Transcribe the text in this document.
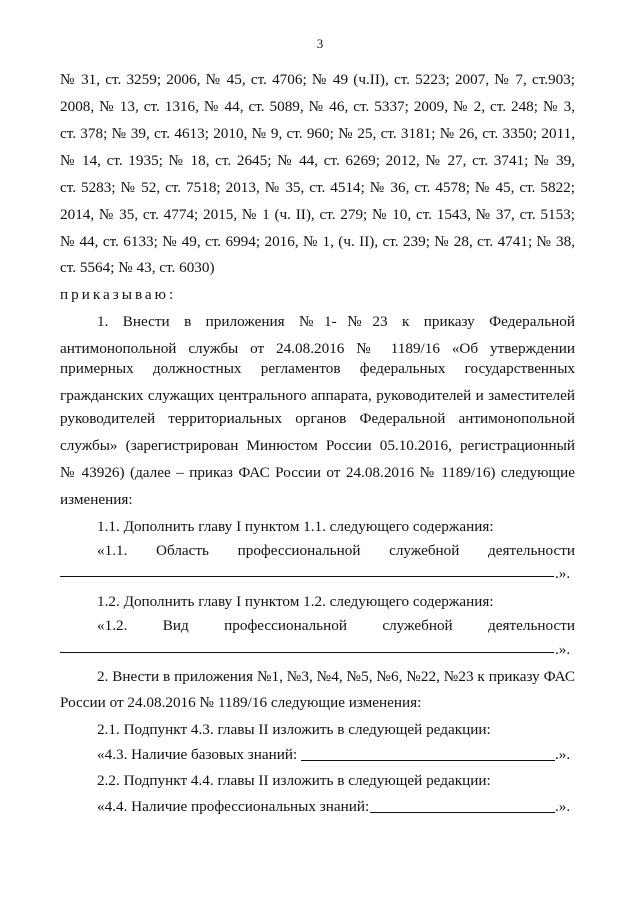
3
№ 31, ст. 3259; 2006, № 45, ст. 4706; № 49 (ч.II), ст. 5223; 2007, № 7, ст.903;
2008, № 13, ст. 1316, № 44, ст. 5089, № 46, ст. 5337; 2009, № 2, ст. 248; № 3,
ст. 378; № 39, ст. 4613; 2010, № 9, ст. 960; № 25, ст. 3181; № 26, ст. 3350; 2011,
№ 14, ст. 1935; № 18, ст. 2645; № 44, ст. 6269; 2012, № 27, ст. 3741; № 39,
ст. 5283; № 52, ст. 7518; 2013, № 35, ст. 4514; № 36, ст. 4578; № 45, ст. 5822;
2014, № 35, ст. 4774; 2015, № 1 (ч. II), ст. 279; № 10, ст. 1543, № 37, ст. 5153;
№ 44, ст. 6133; № 49, ст. 6994; 2016, № 1, (ч. II), ст. 239; № 28, ст. 4741; № 38,
ст. 5564; № 43, ст. 6030)
приказываю:
1. Внести в приложения №1-№23 к приказу Федеральной
антимонопольной службы от 24.08.2016 № 1189/16 «Об утверждении
примерных должностных регламентов федеральных государственных
гражданских служащих центрального аппарата, руководителей и заместителей
руководителей территориальных органов Федеральной антимонопольной
службы» (зарегистрирован Минюстом России 05.10.2016, регистрационный
№ 43926) (далее – приказ ФАС России от 24.08.2016 № 1189/16) следующие
изменения:
1.1. Дополнить главу I пунктом 1.1. следующего содержания:
«1.1. Область профессиональной служебной деятельности
.».
1.2. Дополнить главу I пунктом 1.2. следующего содержания:
«1.2. Вид профессиональной служебной деятельности
.».
2. Внести в приложения №1, №3, №4, №5, №6, №22, №23 к приказу ФАС
России от 24.08.2016 № 1189/16 следующие изменения:
2.1. Подпункт 4.3. главы II изложить в следующей редакции:
«4.3. Наличие базовых знаний:	.».
2.2. Подпункт 4.4. главы II изложить в следующей редакции:
«4.4. Наличие профессиональных знаний:	.».
